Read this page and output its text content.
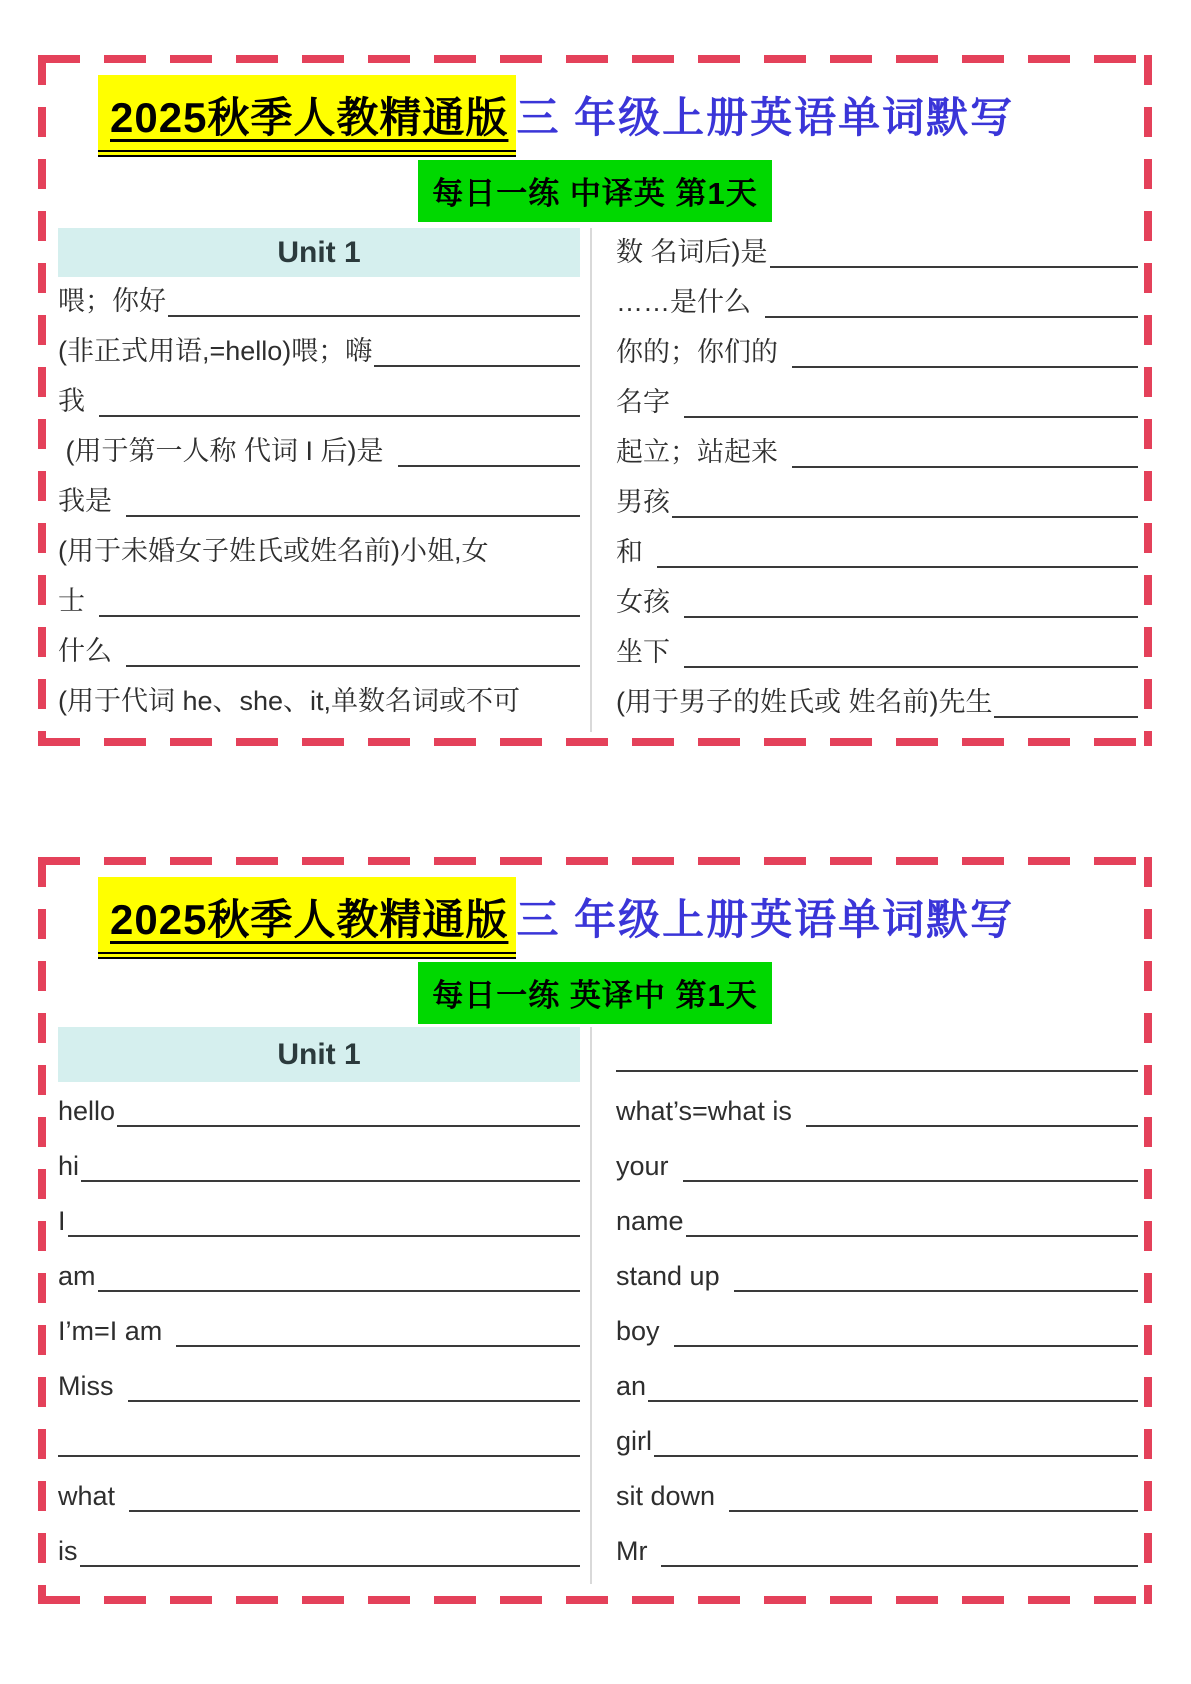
2025秋季人教精通版 三 年级上册英语单词默写
每日一练 中译英 第1天
Unit 1
喂；你好
(非正式用语,=hello)喂；嗨
我
(用于第一人称 代词 I 后)是
我是
(用于未婚女子姓氏或姓名前)小姐,女
士
什么
(用于代词 he、she、it,单数名词或不可
数 名词后)是
……是什么
你的；你们的
名字
起立；站起来
男孩
和
女孩
坐下
(用于男子的姓氏或 姓名前)先生
2025秋季人教精通版 三 年级上册英语单词默写
每日一练 英译中 第1天
Unit 1
hello
hi
I
am
I’m=I am
Miss
what
is
what’s=what is
your
name
stand up
boy
an
girl
sit down
Mr
